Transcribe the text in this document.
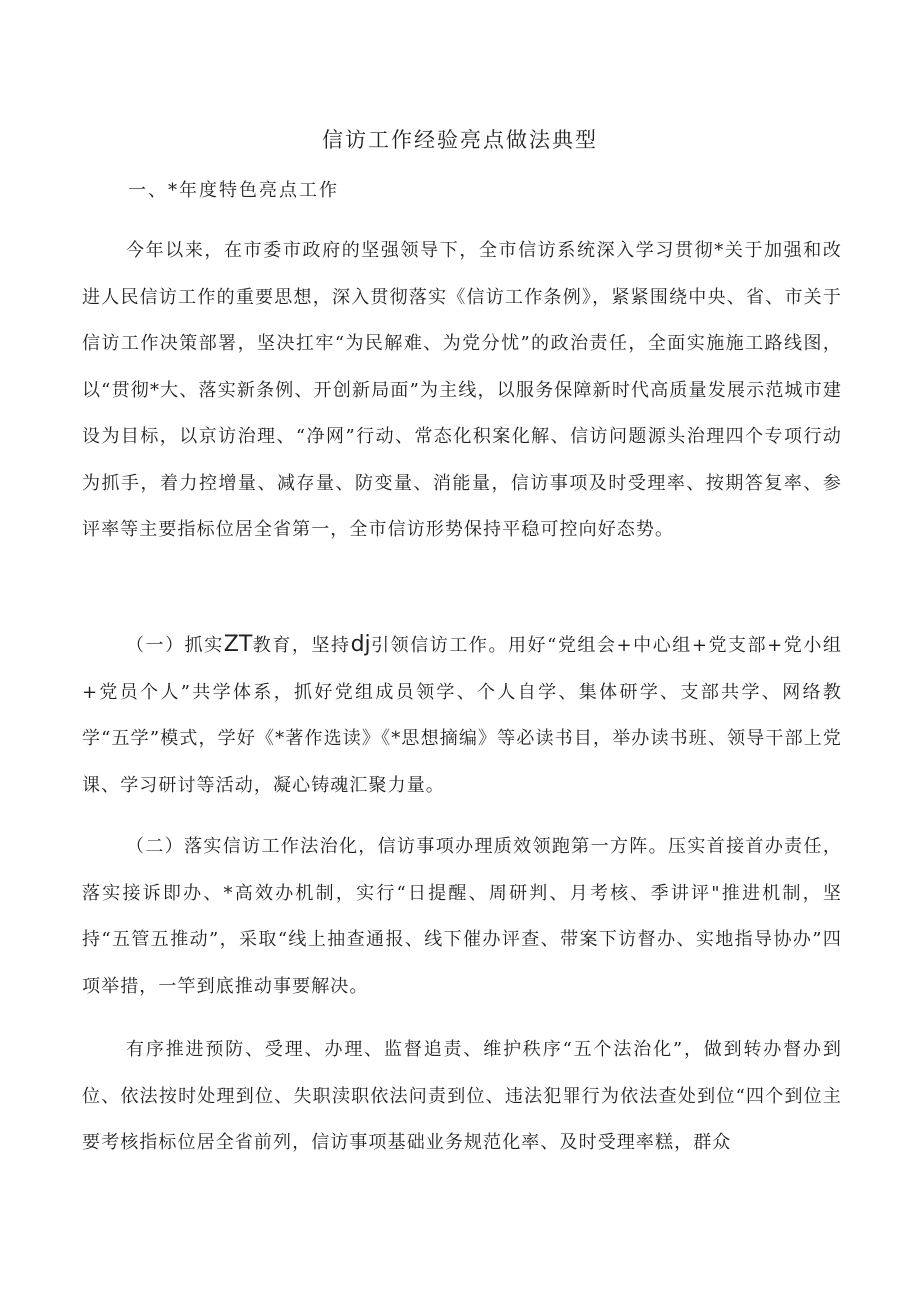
信访工作经验亮点做法典型
一、*年度特色亮点工作

今年以来，在市委市政府的坚强领导下，全市信访系统深入学习贯彻*关于加强和改进人民信访工作的重要思想，深入贯彻落实《信访工作条例》，紧紧围绕中央、省、市关于信访工作决策部署，坚决扛牢“为民解难、为党分忧”的政治责任，全面实施施工路线图，以“贯彻*大、落实新条例、开创新局面”为主线，以服务保障新时代高质量发展示范城市建设为目标，以京访治理、“净网”行动、常态化积案化解、信访问题源头治理四个专项行动为抓手，着力控增量、减存量、防变量、消能量，信访事项及时受理率、按期答复率、参评率等主要指标位居全省第一，全市信访形势保持平稳可控向好态势。

（一）抓实ZT教育，坚持dj引领信访工作。用好“党组会+中心组+党支部+党小组+党员个人”共学体系，抓好党组成员领学、个人自学、集体研学、支部共学、网络教学“五学”模式，学好《*著作选读》《*思想摘编》等必读书目，举办读书班、领导干部上党课、学习研讨等活动，凝心铸魂汇聚力量。

（二）落实信访工作法治化，信访事项办理质效领跑第一方阵。压实首接首办责任，落实接诉即办、*高效办机制，实行“日提醒、周研判、月考核、季讲评"推进机制，坚持“五管五推动”，采取“线上抽查通报、线下催办评查、带案下访督办、实地指导协办”四项举措，一竿到底推动事要解决。

有序推进预防、受理、办理、监督追责、维护秩序“五个法治化”，做到转办督办到位、依法按时处理到位、失职渎职依法问责到位、违法犯罪行为依法查处到位“四个到位主要考核指标位居全省前列，信访事项基础业务规范化率、及时受理率糕，群众
